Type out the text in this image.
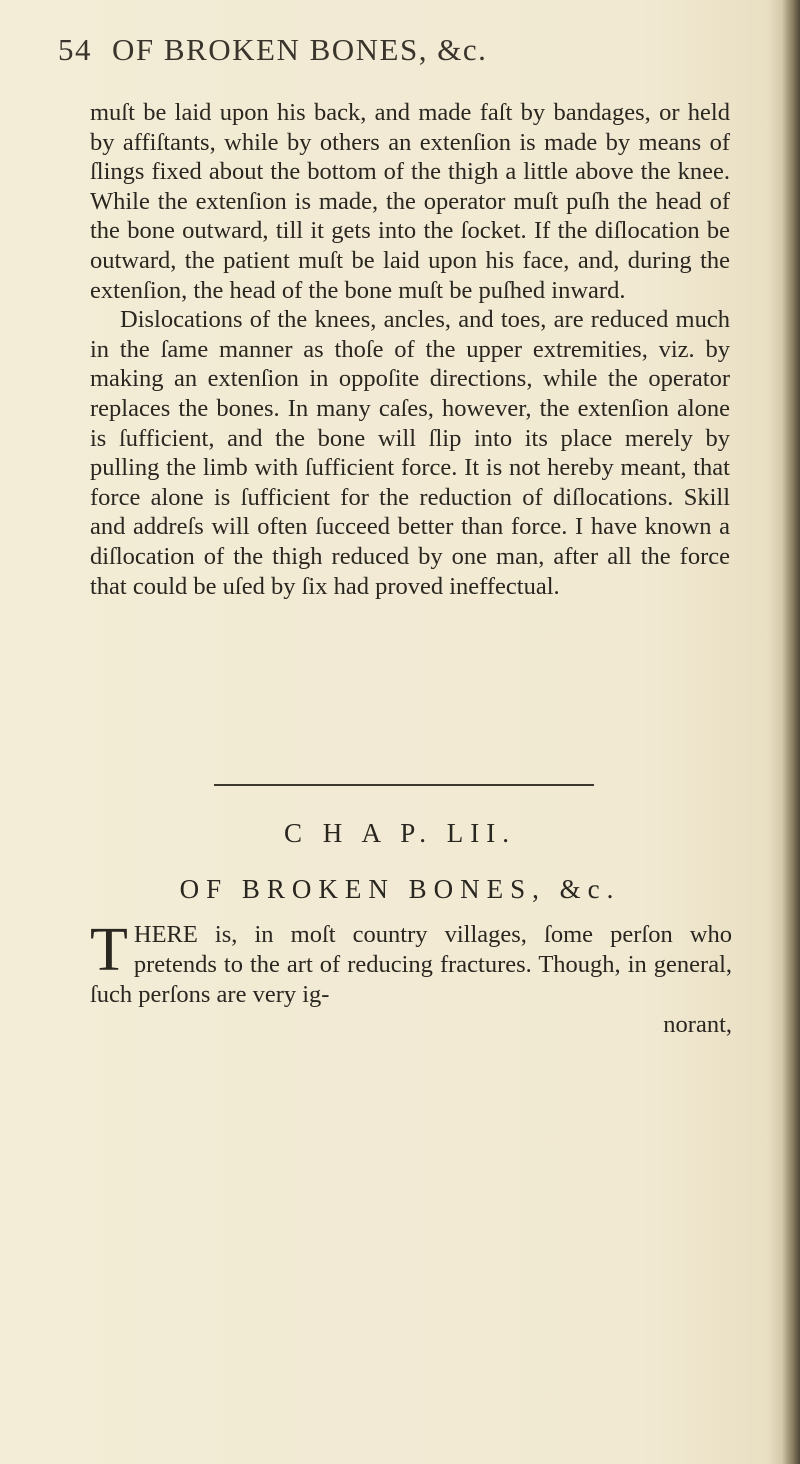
54 OF BROKEN BONES, &c.

muſt be laid upon his back, and made faſt by bandages, or held by affiſtants, while by others an extenſion is made by means of ſlings fixed about the bottom of the thigh a little above the knee. While the extenſion is made, the operator muſt puſh the head of the bone outward, till it gets into the ſocket. If the diſlocation be outward, the patient muſt be laid upon his face, and, during the extenſion, the head of the bone muſt be puſhed inward.

Dislocations of the knees, ancles, and toes, are reduced much in the ſame manner as thoſe of the upper extremities, viz. by making an extenſion in oppoſite directions, while the operator replaces the bones. In many caſes, however, the extenſion alone is ſufficient, and the bone will ſlip into its place merely by pulling the limb with ſufficient force. It is not hereby meant, that force alone is ſufficient for the reduction of diſlocations. Skill and addreſs will often ſucceed better than force. I have known a diſlocation of the thigh reduced by one man, after all the force that could be uſed by ſix had proved ineffectual.

C H A P. LII.
OF BROKEN BONES, &c.
T HERE is, in moſt country villages, ſome perſon who pretends to the art of reducing fractures. Though, in general, ſuch perſons are very ig-

norant,
